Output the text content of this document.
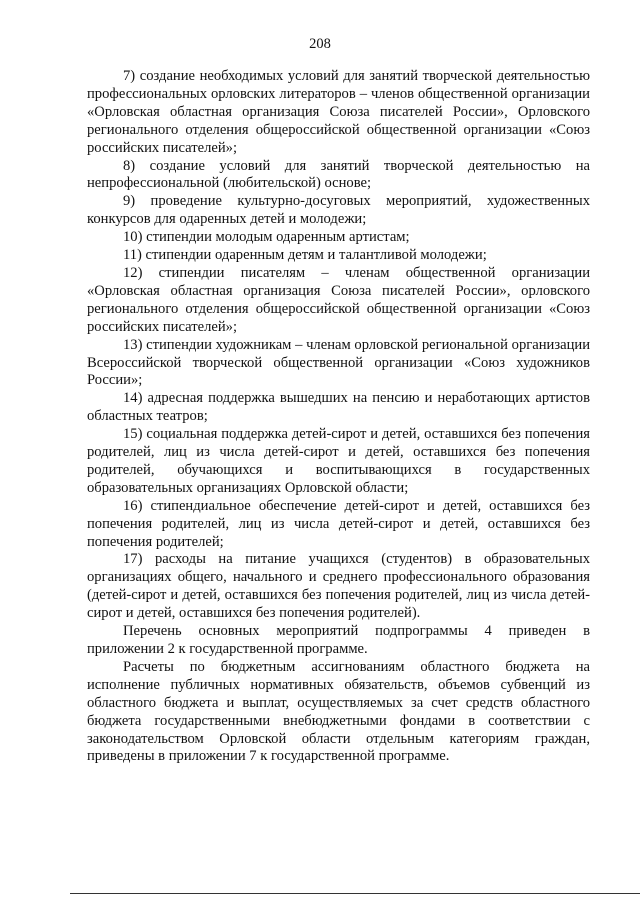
208

7) создание необходимых условий для занятий творческой деятельностью профессиональных орловских литераторов – членов общественной организации «Орловская областная организация Союза писателей России», Орловского регионального отделения общероссийской общественной организации «Союз российских писателей»;

8) создание условий для занятий творческой деятельностью на непрофессиональной (любительской) основе;

9) проведение культурно-досуговых мероприятий, художественных конкурсов для одаренных детей и молодежи;

10) стипендии молодым одаренным артистам;

11) стипендии одаренным детям и талантливой молодежи;

12) стипендии писателям – членам общественной организации «Орловская областная организация Союза писателей России», орловского регионального отделения общероссийской общественной организации «Союз российских писателей»;

13) стипендии художникам – членам орловской региональной организации Всероссийской творческой общественной организации «Союз художников России»;

14) адресная поддержка вышедших на пенсию и неработающих артистов областных театров;

15) социальная поддержка детей-сирот и детей, оставшихся без попечения родителей, лиц из числа детей-сирот и детей, оставшихся без попечения родителей, обучающихся и воспитывающихся в государственных образовательных организациях Орловской области;

16) стипендиальное обеспечение детей-сирот и детей, оставшихся без попечения родителей, лиц из числа детей-сирот и детей, оставшихся без попечения родителей;

17) расходы на питание учащихся (студентов) в образовательных организациях общего, начального и среднего профессионального образования (детей-сирот и детей, оставшихся без попечения родителей, лиц из числа детей-сирот и детей, оставшихся без попечения родителей).

Перечень основных мероприятий подпрограммы 4 приведен в приложении 2 к государственной программе.

Расчеты по бюджетным ассигнованиям областного бюджета на исполнение публичных нормативных обязательств, объемов субвенций из областного бюджета и выплат, осуществляемых за счет средств областного бюджета государственными внебюджетными фондами в соответствии с законодательством Орловской области отдельным категориям граждан, приведены в приложении 7 к государственной программе.
